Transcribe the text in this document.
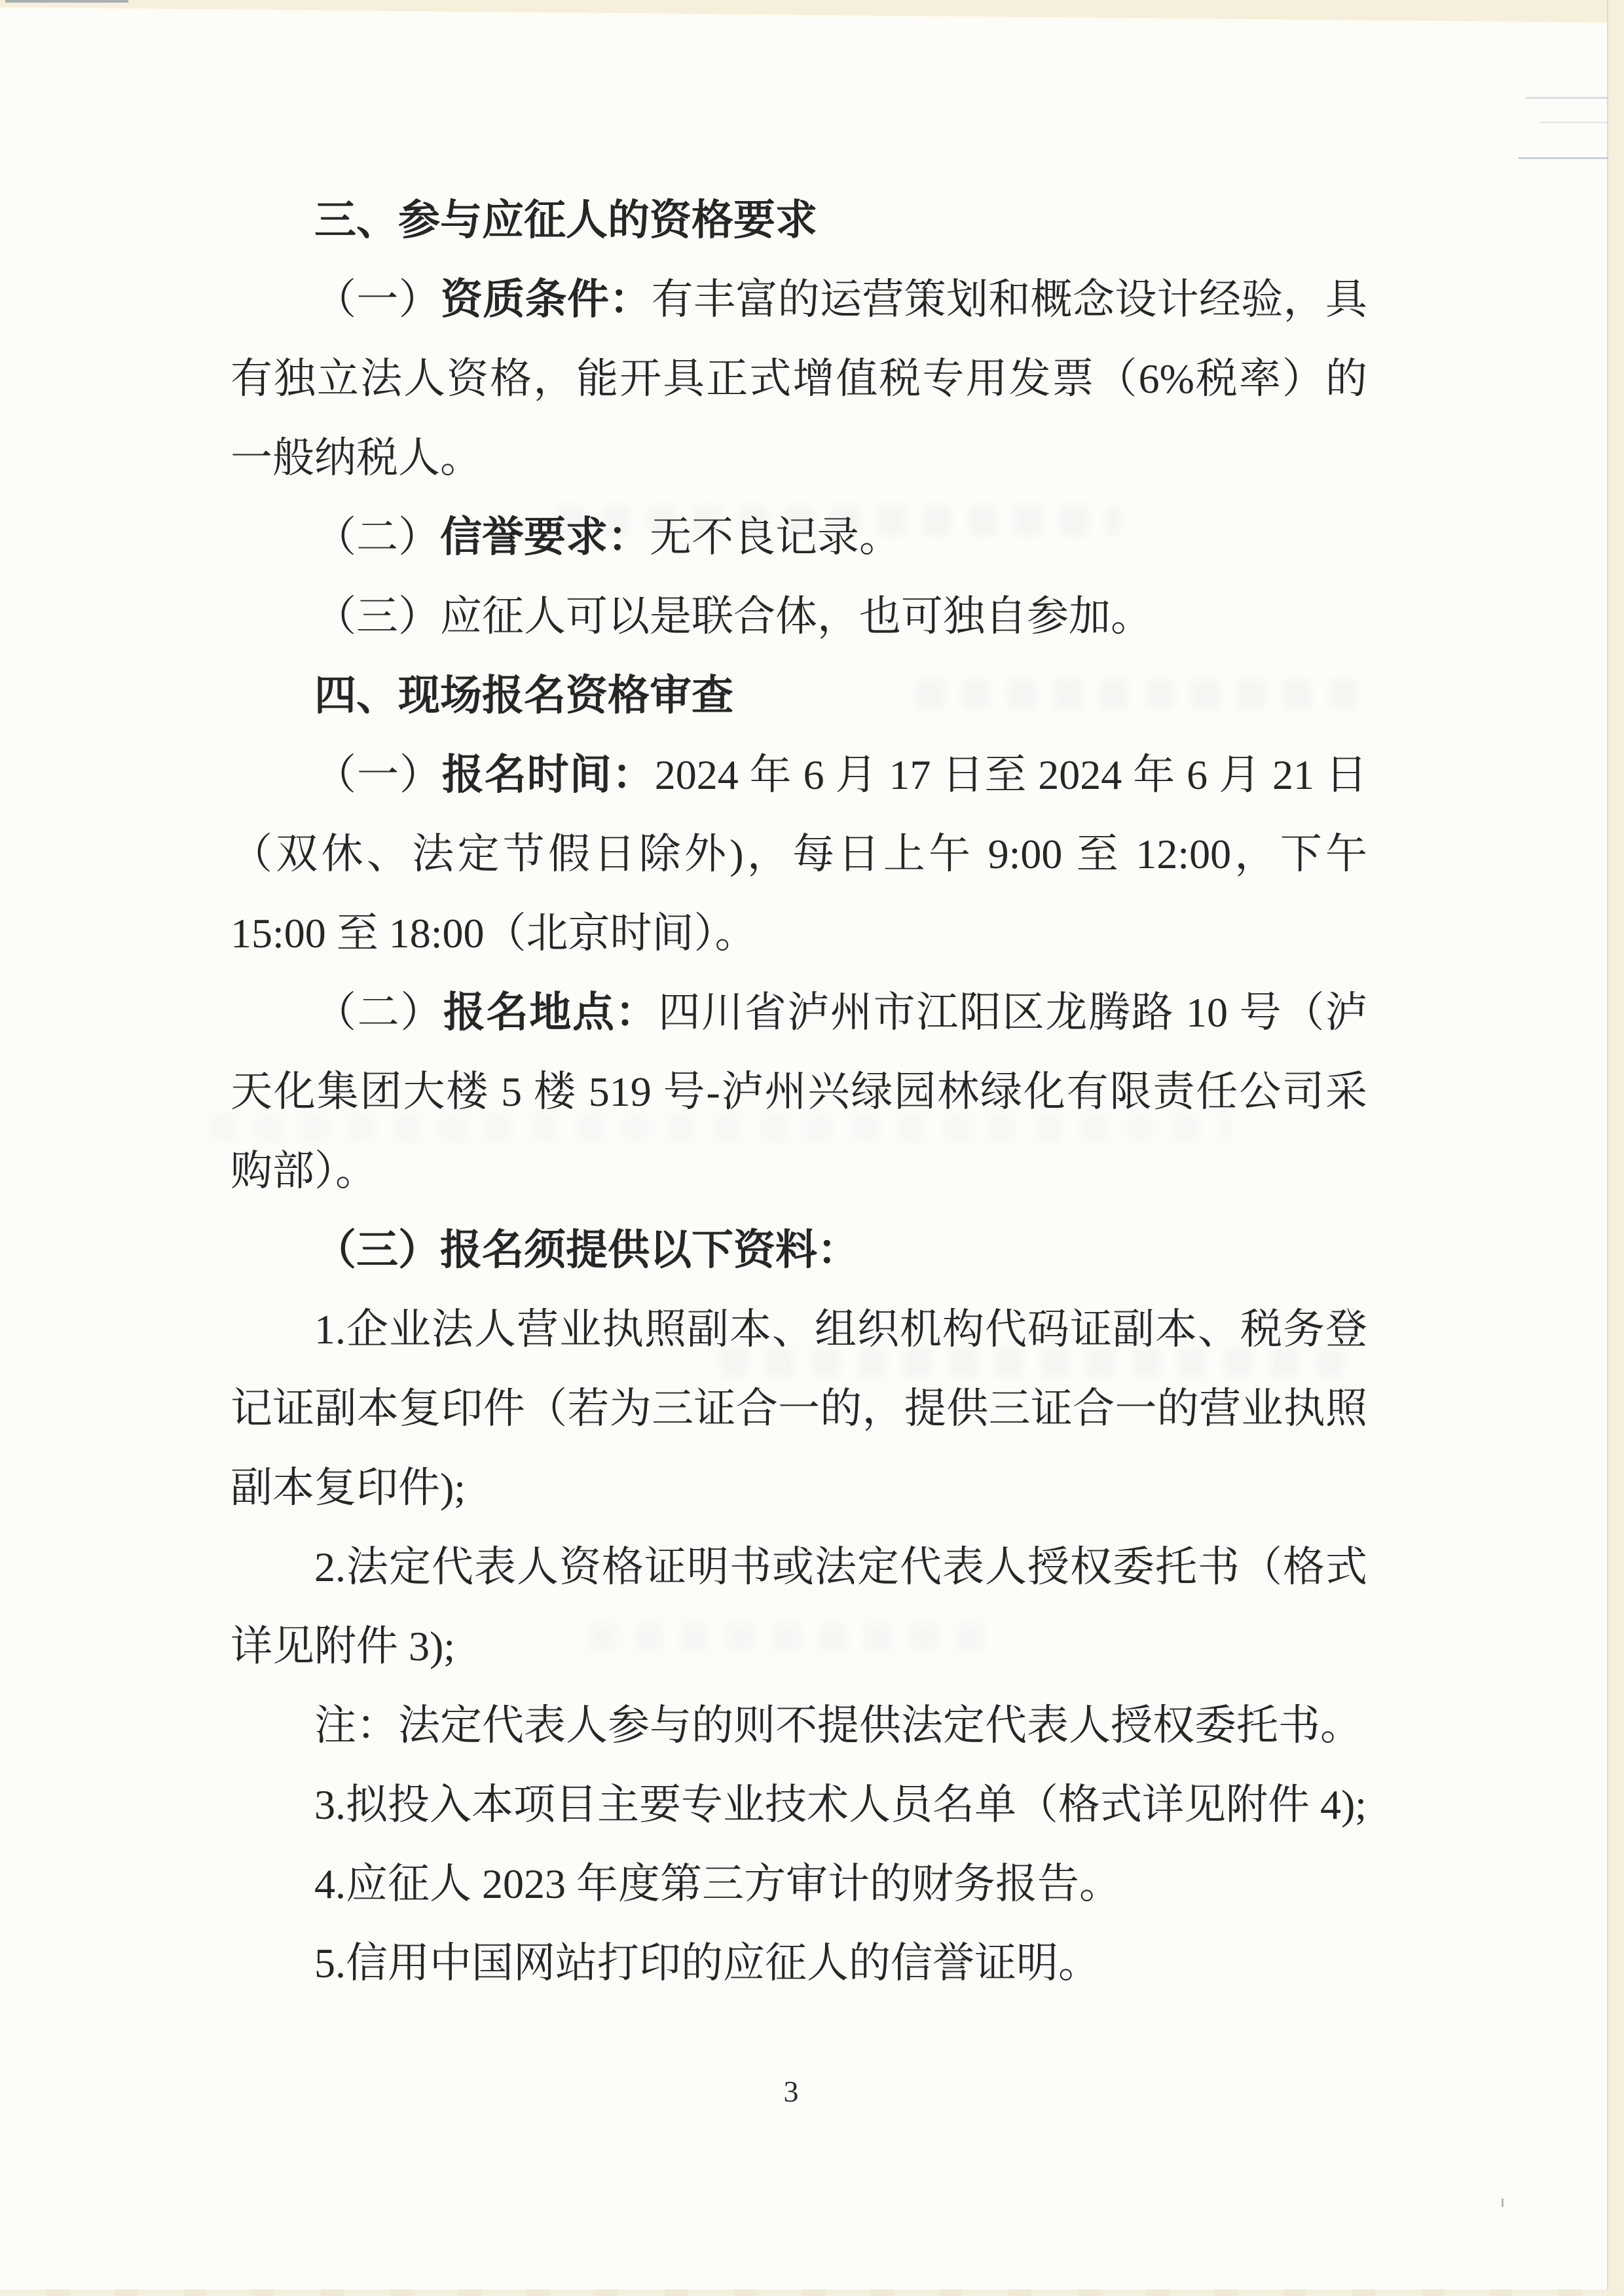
三、参与应征人的资格要求

（一）资质条件：有丰富的运营策划和概念设计经验，具有独立法人资格，能开具正式增值税专用发票（6%税率）的一般纳税人。

（二）信誉要求：无不良记录。

（三）应征人可以是联合体，也可独自参加。

四、现场报名资格审查

（一）报名时间：2024 年 6 月 17 日至 2024 年 6 月 21 日（双休、法定节假日除外)，每日上午 9:00 至 12:00，下午 15:00 至 18:00（北京时间）。

（二）报名地点：四川省泸州市江阳区龙腾路 10 号（泸天化集团大楼 5 楼 519 号-泸州兴绿园林绿化有限责任公司采购部）。

（三）报名须提供以下资料：

1.企业法人营业执照副本、组织机构代码证副本、税务登记证副本复印件（若为三证合一的，提供三证合一的营业执照副本复印件);

2.法定代表人资格证明书或法定代表人授权委托书（格式详见附件 3);

注：法定代表人参与的则不提供法定代表人授权委托书。

3.拟投入本项目主要专业技术人员名单（格式详见附件 4);

4.应征人 2023 年度第三方审计的财务报告。

5.信用中国网站打印的应征人的信誉证明。

3
